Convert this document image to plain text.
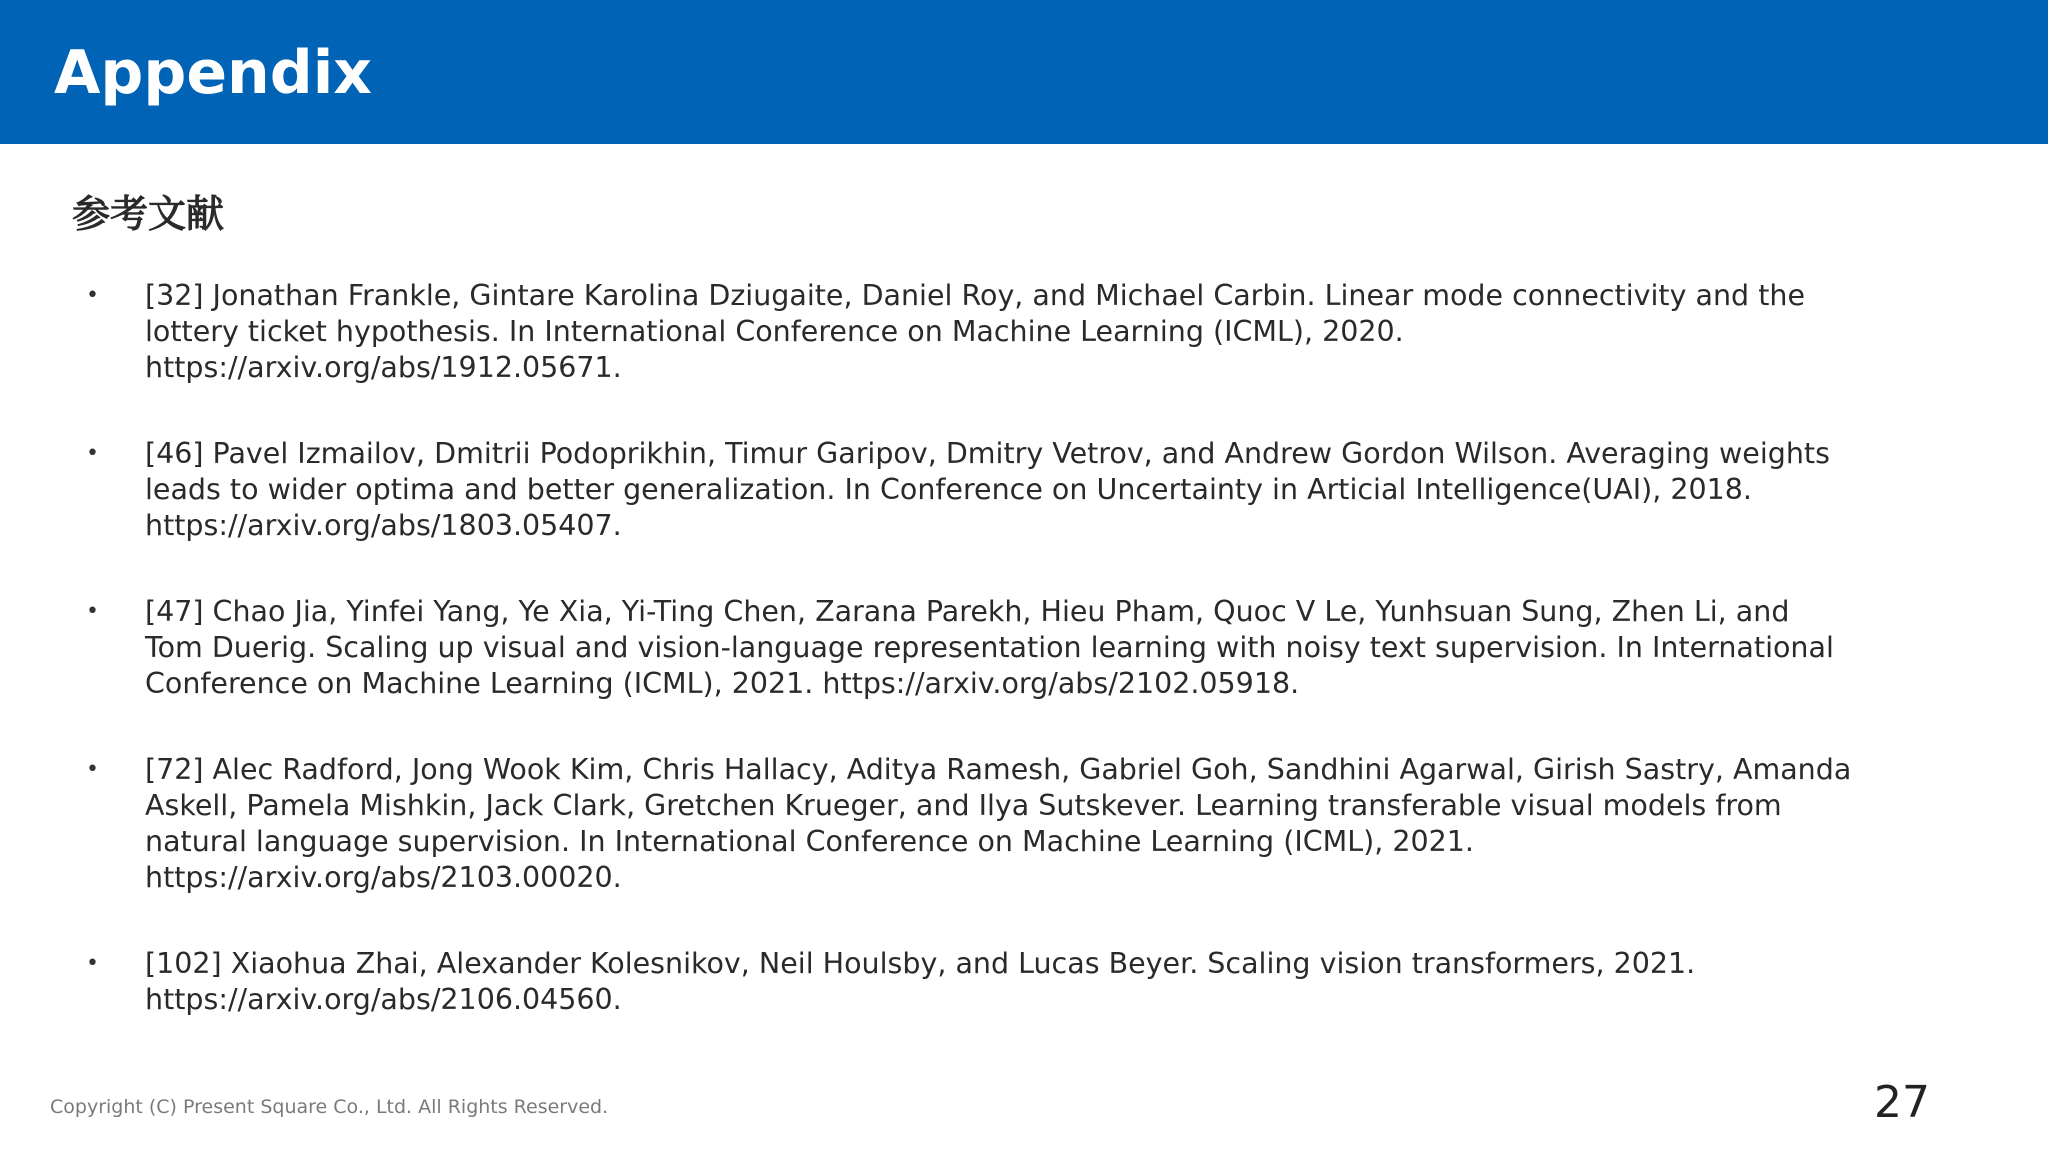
Appendix
参考文献
• [32] Jonathan Frankle, Gintare Karolina Dziugaite, Daniel Roy, and Michael Carbin. Linear mode connectivity and the
lottery ticket hypothesis. In International Conference on Machine Learning (ICML), 2020.
https://arxiv.org/abs/1912.05671.
• [46] Pavel Izmailov, Dmitrii Podoprikhin, Timur Garipov, Dmitry Vetrov, and Andrew Gordon Wilson. Averaging weights
leads to wider optima and better generalization. In Conference on Uncertainty in Articial Intelligence(UAI), 2018.
https://arxiv.org/abs/1803.05407.
• [47] Chao Jia, Yinfei Yang, Ye Xia, Yi-Ting Chen, Zarana Parekh, Hieu Pham, Quoc V Le, Yunhsuan Sung, Zhen Li, and
Tom Duerig. Scaling up visual and vision-language representation learning with noisy text supervision. In International
Conference on Machine Learning (ICML), 2021. https://arxiv.org/abs/2102.05918.
• [72] Alec Radford, Jong Wook Kim, Chris Hallacy, Aditya Ramesh, Gabriel Goh, Sandhini Agarwal, Girish Sastry, Amanda
Askell, Pamela Mishkin, Jack Clark, Gretchen Krueger, and Ilya Sutskever. Learning transferable visual models from
natural language supervision. In International Conference on Machine Learning (ICML), 2021.
https://arxiv.org/abs/2103.00020.
• [102] Xiaohua Zhai, Alexander Kolesnikov, Neil Houlsby, and Lucas Beyer. Scaling vision transformers, 2021.
https://arxiv.org/abs/2106.04560.
Copyright (C) Present Square Co., Ltd. All Rights Reserved.	27
